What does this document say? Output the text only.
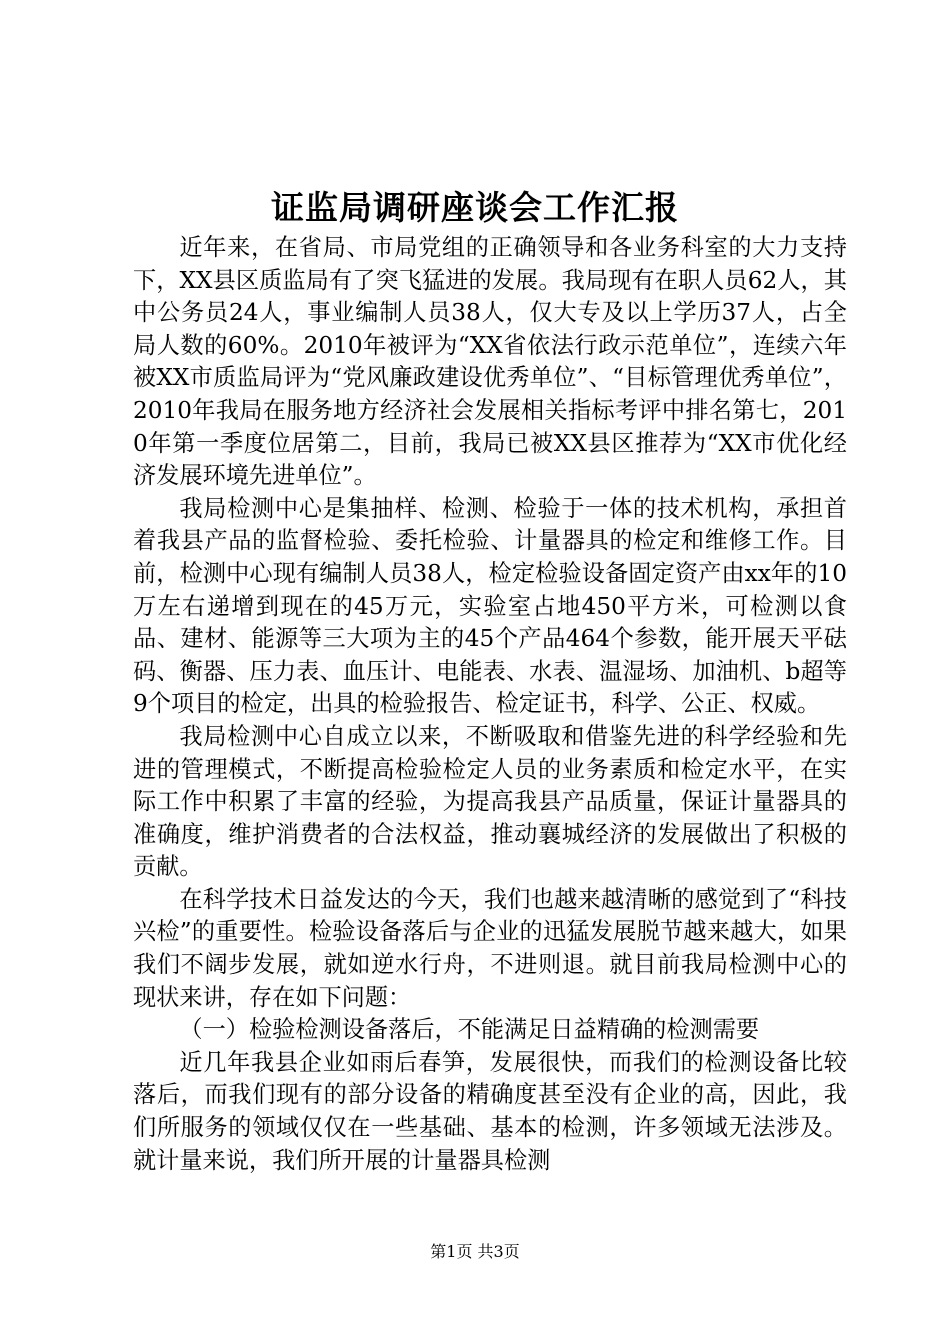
证监局调研座谈会工作汇报

近年来，在省局、市局党组的正确领导和各业务科室的大力支持下，XX县区质监局有了突飞猛进的发展。我局现有在职人员62人，其中公务员24人，事业编制人员38人，仅大专及以上学历37人，占全局人数的60%。2010年被评为“XX省依法行政示范单位”，连续六年被XX市质监局评为“党风廉政建设优秀单位”、“目标管理优秀单位”，2010年我局在服务地方经济社会发展相关指标考评中排名第七，2010年第一季度位居第二，目前，我局已被XX县区推荐为“XX市优化经济发展环境先进单位”。

我局检测中心是集抽样、检测、检验于一体的技术机构，承担首着我县产品的监督检验、委托检验、计量器具的检定和维修工作。目前，检测中心现有编制人员38人，检定检验设备固定资产由xx年的10万左右递增到现在的45万元，实验室占地450平方米，可检测以食品、建材、能源等三大项为主的45个产品464个参数，能开展天平砝码、衡器、压力表、血压计、电能表、水表、温湿场、加油机、b超等9个项目的检定，出具的检验报告、检定证书，科学、公正、权威。

我局检测中心自成立以来，不断吸取和借鉴先进的科学经验和先进的管理模式，不断提高检验检定人员的业务素质和检定水平，在实际工作中积累了丰富的经验，为提高我县产品质量，保证计量器具的准确度，维护消费者的合法权益，推动襄城经济的发展做出了积极的贡献。

在科学技术日益发达的今天，我们也越来越清晰的感觉到了“科技兴检”的重要性。检验设备落后与企业的迅猛发展脱节越来越大，如果我们不阔步发展，就如逆水行舟，不进则退。就目前我局检测中心的现状来讲，存在如下问题：

（一）检验检测设备落后，不能满足日益精确的检测需要

近几年我县企业如雨后春笋，发展很快，而我们的检测设备比较落后，而我们现有的部分设备的精确度甚至没有企业的高，因此，我们所服务的领域仅仅在一些基础、基本的检测，许多领域无法涉及。就计量来说，我们所开展的计量器具检测

第1页 共3页
